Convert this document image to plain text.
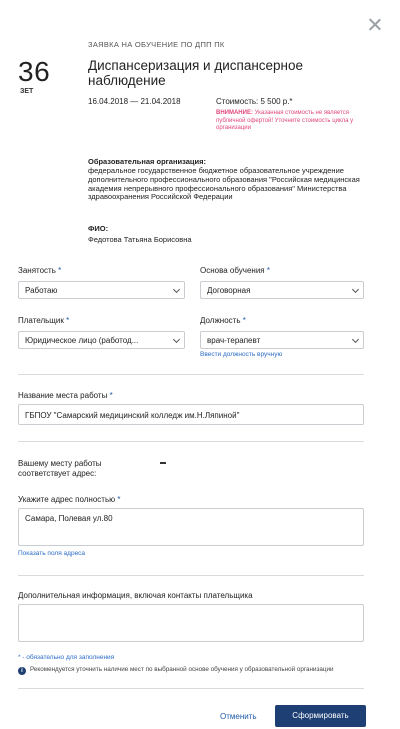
36
ЗЕТ
ЗАЯВКА НА ОБУЧЕНИЕ ПО ДПП ПК
Диспансеризация и диспансерное наблюдение
16.04.2018 — 21.04.2018	Стоимость: 5 500 р.*
ВНИМАНИЕ: Указанная стоимость не является публичной офертой! Уточните стоимость цикла у организации
Образовательная организация:
федеральное государственное бюджетное образовательное учреждение дополнительного профессионального образования "Российская медицинская академия непрерывного профессионального образования" Министерства здравоохранения Российской Федерации
ФИО:
Федотова Татьяна Борисовна
Занятость *
Работаю
Основа обучения *
Договорная
Плательщик *
Юридическое лицо (работод...
Должность *
врач-терапевт
Ввести должность вручную
Название места работы *
ГБПОУ "Самарский медицинский колледж им.Н.Ляпиной"
Вашему месту работы соответствует адрес:
Укажите адрес полностью *
Самара, Полевая ул.80
Показать поля адреса
Дополнительная информация, включая контакты плательщика
* - обязательно для заполнения
i	Рекомендуется уточнить наличие мест по выбранной основе обучения у образовательной организации
Отменить	Сформировать
